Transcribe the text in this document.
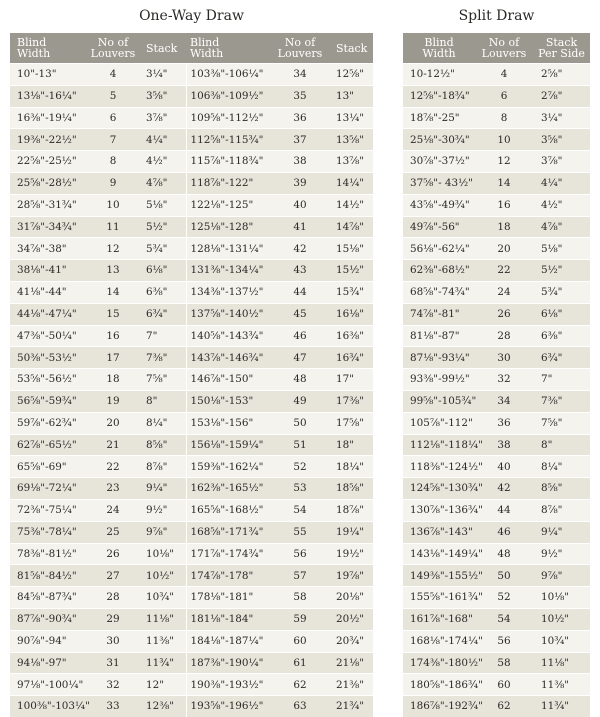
One-Way Draw	Split Draw
Blind
Width	No of
Louvers	Stack	Blind
Width	No of
Louvers	Stack
10"-13"	4	3¼"	103⅜"-106¼"	34	12⅝"
13⅛"-16¼"	5	3⅝"	106⅜"-109½"	35	13"
16⅜"-19¼"	6	3⅞"	109⅝"-112½"	36	13¼"
19⅜"-22½"	7	4¼"	112⅝"-115¾"	37	13⅝"
22⅝"-25½"	8	4½"	115⅞"-118¾"	38	13⅞"
25⅝"-28½"	9	4⅞"	118⅞"-122"	39	14¼"
28⅝"-31¾"	10	5⅛"	122⅛"-125"	40	14½"
31⅞"-34¾"	11	5½"	125⅛"-128"	41	14⅞"
34⅞"-38"	12	5¾"	128⅛"-131¼"	42	15⅛"
38⅛"-41"	13	6⅛"	131⅜"-134¼"	43	15½"
41⅛"-44"	14	6⅜"	134⅜"-137½"	44	15¾"
44⅛"-47¼"	15	6¾"	137⅝"-140½"	45	16⅛"
47⅜"-50¼"	16	7"	140⅝"-143¾"	46	16⅜"
50⅜"-53½"	17	7⅜"	143⅞"-146¾"	47	16¾"
53⅝"-56½"	18	7⅝"	146⅞"-150"	48	17"
56⅝"-59¾"	19	8"	150⅛"-153"	49	17⅜"
59⅞"-62¾"	20	8¼"	153⅛"-156"	50	17⅝"
62⅞"-65½"	21	8⅝"	156⅛"-159¼"	51	18"
65⅝"-69"	22	8⅞"	159⅜"-162¼"	52	18¼"
69⅛"-72¼"	23	9¼"	162⅜"-165½"	53	18⅝"
72⅜"-75¼"	24	9½"	165⅝"-168½"	54	18⅞"
75⅜"-78¼"	25	9⅞"	168⅝"-171¾"	55	19¼"
78⅜"-81½"	26	10⅛"	171⅞"-174¾"	56	19½"
81⅝"-84½"	27	10½"	174⅞"-178"	57	19⅞"
84⅝"-87¾"	28	10¾"	178⅛"-181"	58	20⅛"
87⅞"-90¾"	29	11⅛"	181⅛"-184"	59	20½"
90⅞"-94"	30	11⅜"	184⅛"-187¼"	60	20¾"
94⅛"-97"	31	11¾"	187⅜"-190¼"	61	21⅛"
97⅛"-100¼"	32	12"	190⅜"-193½"	62	21⅜"
100⅜"-103¼"	33	12⅜"	193⅝"-196½"	63	21¾"
Blind
Width	No of
Louvers	Stack
Per Side
10-12½"	4	2⅝"
12⅝"-18¾"	6	2⅞"
18⅞"-25"	8	3¼"
25⅛"-30¾"	10	3⅝"
30⅞"-37½"	12	3⅞"
37⅝"- 43½"	14	4¼"
43⅝"-49¾"	16	4½"
49⅞"-56"	18	4⅞"
56⅛"-62¼"	20	5⅛"
62⅜"-68½"	22	5½"
68⅝"-74¾"	24	5¾"
74⅞"-81"	26	6⅛"
81⅛"-87"	28	6⅜"
87⅛"-93¼"	30	6¾"
93⅜"-99½"	32	7"
99⅝"-105¾"	34	7⅜"
105⅞"-112"	36	7⅝"
112⅛"-118¼"	38	8"
118⅜"-124½"	40	8¼"
124⅝"-130¾"	42	8⅝"
130⅞"-136¾"	44	8⅞"
136⅞"-143"	46	9¼"
143⅛"-149¼"	48	9½"
149⅜"-155½"	50	9⅞"
155⅝"-161¾"	52	10⅛"
161⅞"-168"	54	10½"
168⅛"-174¼"	56	10¾"
174⅜"-180½"	58	11⅛"
180⅝"-186¾"	60	11⅜"
186⅞"-192¾"	62	11¾"
